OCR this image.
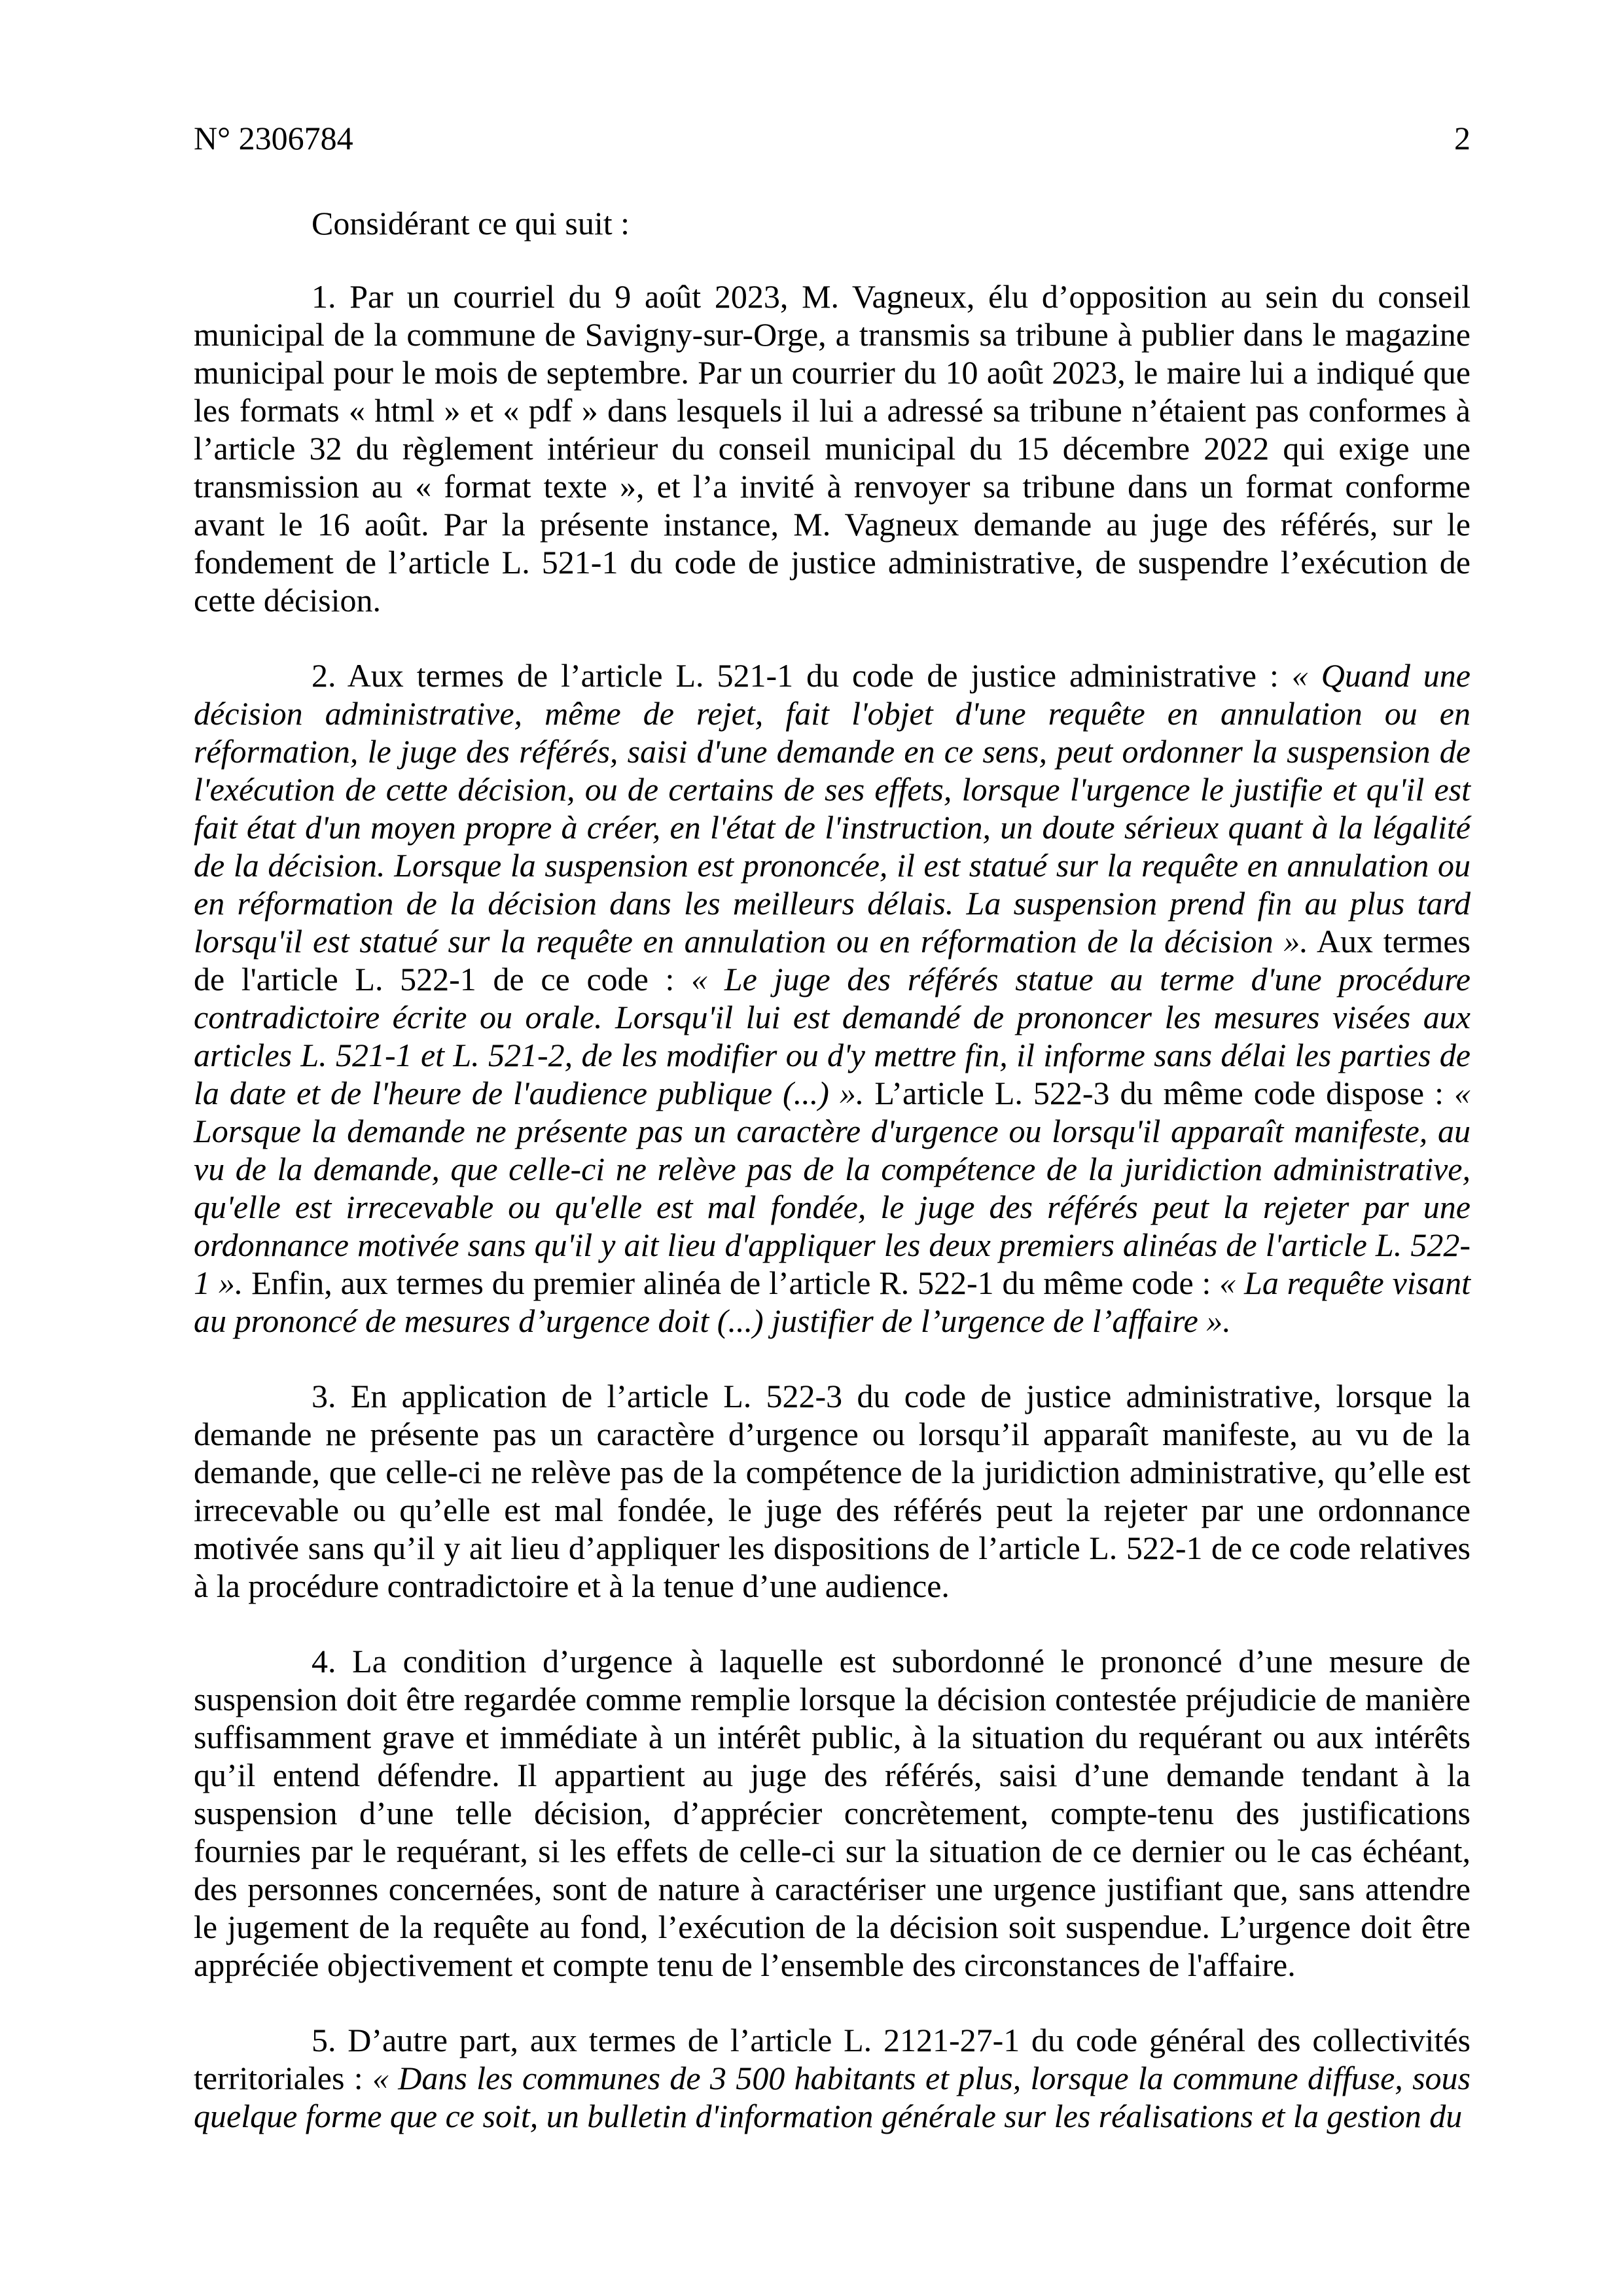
N° 2306784	2

Considérant ce qui suit :

1. Par un courriel du 9 août 2023, M. Vagneux, élu d’opposition au sein du conseil municipal de la commune de Savigny-sur-Orge, a transmis sa tribune à publier dans le magazine municipal pour le mois de septembre. Par un courrier du 10 août 2023, le maire lui a indiqué que les formats « html » et « pdf » dans lesquels il lui a adressé sa tribune n’étaient pas conformes à l’article 32 du règlement intérieur du conseil municipal du 15 décembre 2022 qui exige une transmission au « format texte », et l’a invité à renvoyer sa tribune dans un format conforme avant le 16 août. Par la présente instance, M. Vagneux demande au juge des référés, sur le fondement de l’article L. 521-1 du code de justice administrative, de suspendre l’exécution de cette décision.

2. Aux termes de l’article L. 521-1 du code de justice administrative : « Quand une décision administrative, même de rejet, fait l'objet d'une requête en annulation ou en réformation, le juge des référés, saisi d'une demande en ce sens, peut ordonner la suspension de l'exécution de cette décision, ou de certains de ses effets, lorsque l'urgence le justifie et qu'il est fait état d'un moyen propre à créer, en l'état de l'instruction, un doute sérieux quant à la légalité de la décision. Lorsque la suspension est prononcée, il est statué sur la requête en annulation ou en réformation de la décision dans les meilleurs délais. La suspension prend fin au plus tard lorsqu'il est statué sur la requête en annulation ou en réformation de la décision ». Aux termes de l'article L. 522-1 de ce code : « Le juge des référés statue au terme d'une procédure contradictoire écrite ou orale. Lorsqu'il lui est demandé de prononcer les mesures visées aux articles L. 521-1 et L. 521-2, de les modifier ou d'y mettre fin, il informe sans délai les parties de la date et de l'heure de l'audience publique (...) ». L’article L. 522-3 du même code dispose : « Lorsque la demande ne présente pas un caractère d'urgence ou lorsqu'il apparaît manifeste, au vu de la demande, que celle-ci ne relève pas de la compétence de la juridiction administrative, qu'elle est irrecevable ou qu'elle est mal fondée, le juge des référés peut la rejeter par une ordonnance motivée sans qu'il y ait lieu d'appliquer les deux premiers alinéas de l'article L. 522-1 ». Enfin, aux termes du premier alinéa de l’article R. 522-1 du même code : « La requête visant au prononcé de mesures d’urgence doit (...) justifier de l’urgence de l’affaire ».

3. En application de l’article L. 522-3 du code de justice administrative, lorsque la demande ne présente pas un caractère d’urgence ou lorsqu’il apparaît manifeste, au vu de la demande, que celle-ci ne relève pas de la compétence de la juridiction administrative, qu’elle est irrecevable ou qu’elle est mal fondée, le juge des référés peut la rejeter par une ordonnance motivée sans qu’il y ait lieu d’appliquer les dispositions de l’article L. 522-1 de ce code relatives à la procédure contradictoire et à la tenue d’une audience.

4. La condition d’urgence à laquelle est subordonné le prononcé d’une mesure de suspension doit être regardée comme remplie lorsque la décision contestée préjudicie de manière suffisamment grave et immédiate à un intérêt public, à la situation du requérant ou aux intérêts qu’il entend défendre. Il appartient au juge des référés, saisi d’une demande tendant à la suspension d’une telle décision, d’apprécier concrètement, compte-tenu des justifications fournies par le requérant, si les effets de celle-ci sur la situation de ce dernier ou le cas échéant, des personnes concernées, sont de nature à caractériser une urgence justifiant que, sans attendre le jugement de la requête au fond, l’exécution de la décision soit suspendue. L’urgence doit être appréciée objectivement et compte tenu de l’ensemble des circonstances de l'affaire.

5. D’autre part, aux termes de l’article L. 2121-27-1 du code général des collectivités territoriales : « Dans les communes de 3 500 habitants et plus, lorsque la commune diffuse, sous quelque forme que ce soit, un bulletin d'information générale sur les réalisations et la gestion du
